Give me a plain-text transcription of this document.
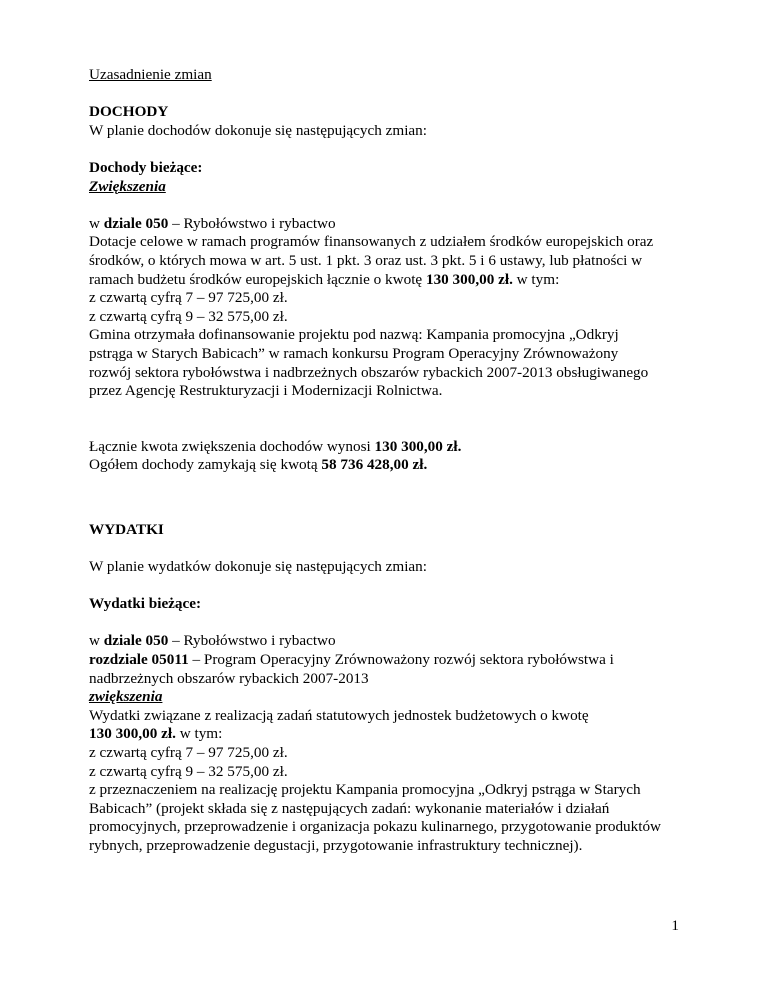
Uzasadnienie zmian
DOCHODY
W planie dochodów dokonuje się następujących zmian:
Dochody bieżące:
Zwiększenia
w dziale 050 – Rybołówstwo i rybactwo
Dotacje celowe w ramach programów finansowanych z udziałem środków europejskich oraz
środków, o których mowa w art. 5 ust. 1 pkt. 3 oraz ust. 3 pkt. 5 i 6 ustawy, lub płatności w
ramach budżetu środków europejskich łącznie o kwotę 130 300,00 zł. w tym:
z czwartą cyfrą 7 – 97 725,00 zł.
z czwartą cyfrą 9 – 32 575,00 zł.
Gmina otrzymała dofinansowanie projektu pod nazwą: Kampania promocyjna „Odkryj
pstrąga w Starych Babicach” w ramach konkursu Program Operacyjny Zrównoważony
rozwój sektora rybołówstwa i nadbrzeżnych obszarów rybackich 2007-2013 obsługiwanego
przez Agencję Restrukturyzacji i Modernizacji Rolnictwa.
Łącznie kwota zwiększenia dochodów wynosi 130 300,00 zł.
Ogółem dochody zamykają się kwotą 58 736 428,00 zł.
WYDATKI
W planie wydatków dokonuje się następujących zmian:
Wydatki bieżące:
w dziale 050 – Rybołówstwo i rybactwo
rozdziale 05011 – Program Operacyjny Zrównoważony rozwój sektora rybołówstwa i
nadbrzeżnych obszarów rybackich 2007-2013
zwiększenia
Wydatki związane z realizacją zadań statutowych jednostek budżetowych o kwotę
130 300,00 zł. w tym:
z czwartą cyfrą 7 – 97 725,00 zł.
z czwartą cyfrą 9 – 32 575,00 zł.
z przeznaczeniem na realizację projektu Kampania promocyjna „Odkryj pstrąga w Starych
Babicach” (projekt składa się z następujących zadań: wykonanie materiałów i działań
promocyjnych, przeprowadzenie i organizacja pokazu kulinarnego, przygotowanie produktów
rybnych, przeprowadzenie degustacji, przygotowanie infrastruktury technicznej).
1
